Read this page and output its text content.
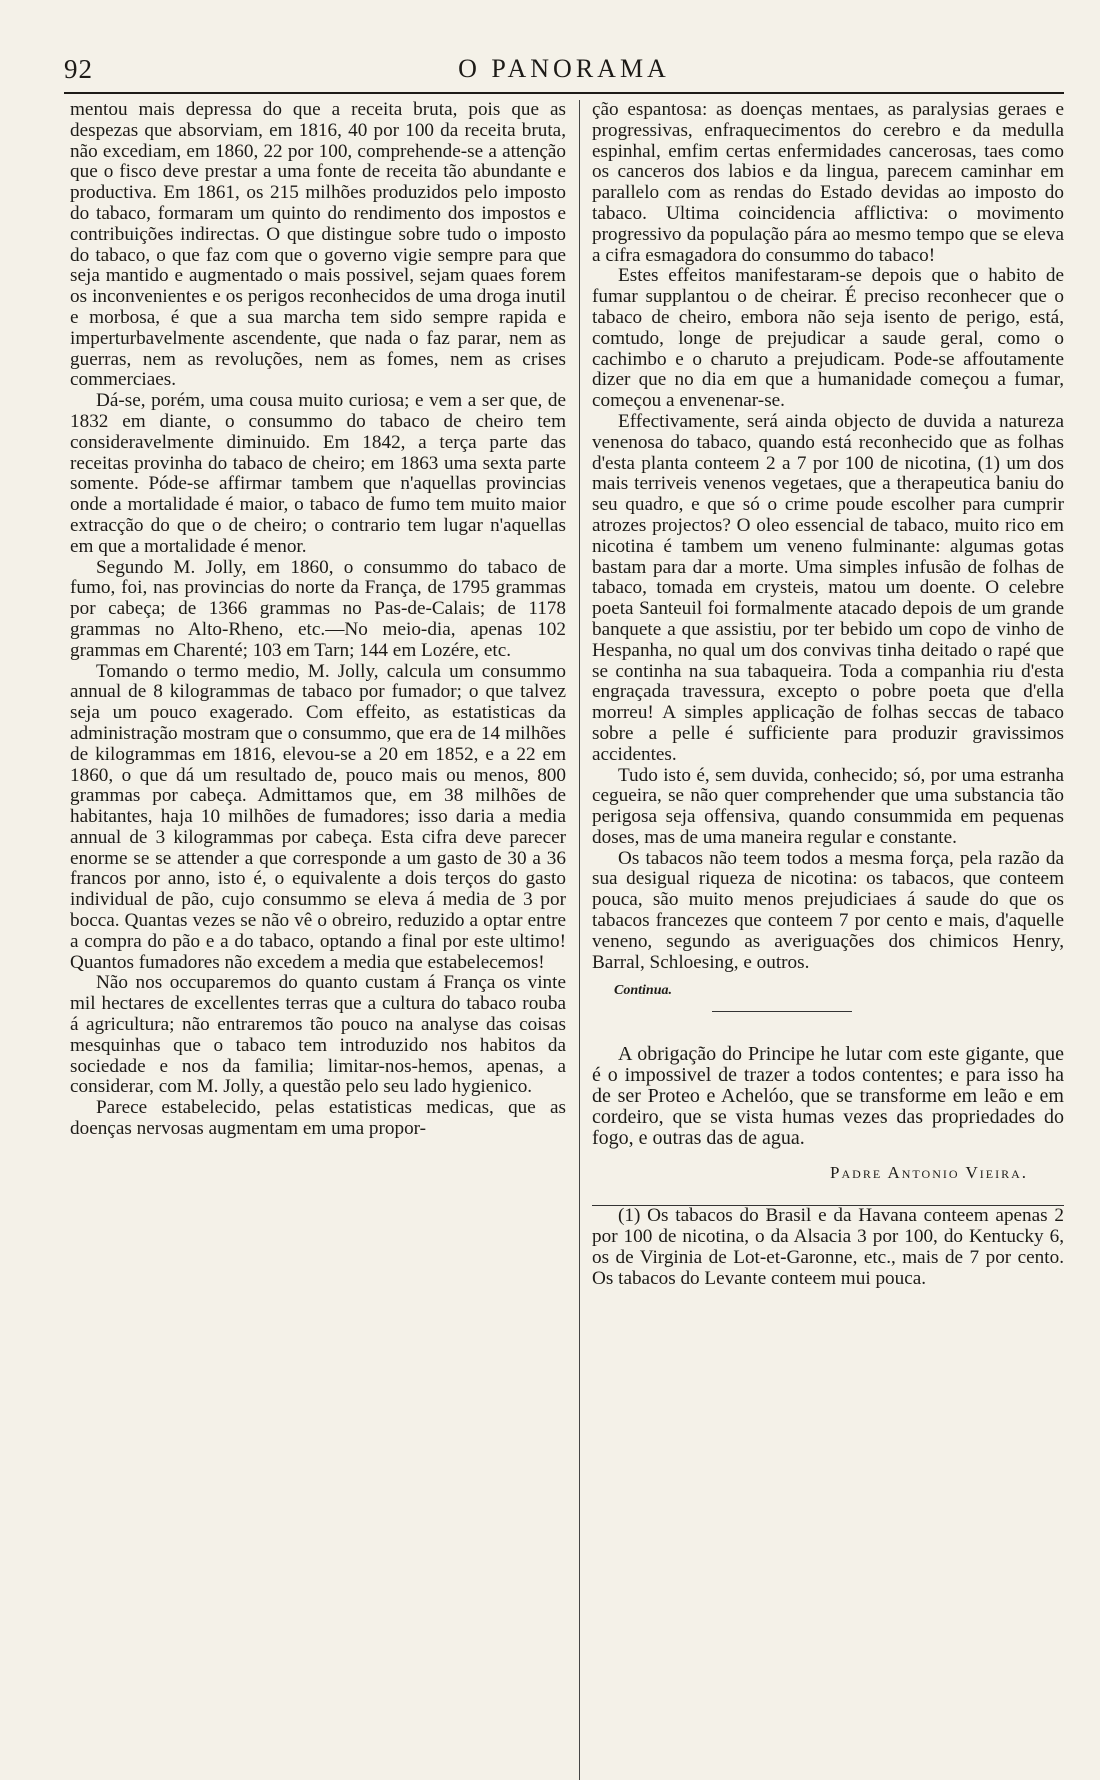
92	O PANORAMA

mentou mais depressa do que a receita bruta, pois que as despezas que absorviam, em 1816, 40 por 100 da receita bruta, não excediam, em 1860, 22 por 100, comprehende-se a attenção que o fisco deve prestar a uma fonte de receita tão abundante e productiva. Em 1861, os 215 milhões produzidos pelo imposto do tabaco, formaram um quinto do rendimento dos impostos e contribuições indirectas. O que distingue sobre tudo o imposto do tabaco, o que faz com que o governo vigie sempre para que seja mantido e augmentado o mais possivel, sejam quaes forem os inconvenientes e os perigos reconhecidos de uma droga inutil e morbosa, é que a sua marcha tem sido sempre rapida e imperturbavelmente ascendente, que nada o faz parar, nem as guerras, nem as revoluções, nem as fomes, nem as crises commerciaes.

Dá-se, porém, uma cousa muito curiosa; e vem a ser que, de 1832 em diante, o consummo do tabaco de cheiro tem consideravelmente diminuido. Em 1842, a terça parte das receitas provinha do tabaco de cheiro; em 1863 uma sexta parte somente. Póde-se affirmar tambem que n'aquellas provincias onde a mortalidade é maior, o tabaco de fumo tem muito maior extracção do que o de cheiro; o contrario tem lugar n'aquellas em que a mortalidade é menor.

Segundo M. Jolly, em 1860, o consummo do tabaco de fumo, foi, nas provincias do norte da França, de 1795 grammas por cabeça; de 1366 grammas no Pas-de-Calais; de 1178 grammas no Alto-Rheno, etc.—No meio-dia, apenas 102 grammas em Charenté; 103 em Tarn; 144 em Lozére, etc.

Tomando o termo medio, M. Jolly, calcula um consummo annual de 8 kilogrammas de tabaco por fumador; o que talvez seja um pouco exagerado. Com effeito, as estatisticas da administração mostram que o consummo, que era de 14 milhões de kilogrammas em 1816, elevou-se a 20 em 1852, e a 22 em 1860, o que dá um resultado de, pouco mais ou menos, 800 grammas por cabeça. Admittamos que, em 38 milhões de habitantes, haja 10 milhões de fumadores; isso daria a media annual de 3 kilogrammas por cabeça. Esta cifra deve parecer enorme se se attender a que corresponde a um gasto de 30 a 36 francos por anno, isto é, o equivalente a dois terços do gasto individual de pão, cujo consummo se eleva á media de 3 por bocca. Quantas vezes se não vê o obreiro, reduzido a optar entre a compra do pão e a do tabaco, optando a final por este ultimo! Quantos fumadores não excedem a media que estabelecemos!

Não nos occuparemos do quanto custam á França os vinte mil hectares de excellentes terras que a cultura do tabaco rouba á agricultura; não entraremos tão pouco na analyse das coisas mesquinhas que o tabaco tem introduzido nos habitos da sociedade e nos da familia; limitar-nos-hemos, apenas, a considerar, com M. Jolly, a questão pelo seu lado hygienico.

Parece estabelecido, pelas estatisticas medicas, que as doenças nervosas augmentam em uma propor-

ção espantosa: as doenças mentaes, as paralysias geraes e progressivas, enfraquecimentos do cerebro e da medulla espinhal, emfim certas enfermidades cancerosas, taes como os canceros dos labios e da lingua, parecem caminhar em parallelo com as rendas do Estado devidas ao imposto do tabaco. Ultima coincidencia afflictiva: o movimento progressivo da população pára ao mesmo tempo que se eleva a cifra esmagadora do consummo do tabaco!

Estes effeitos manifestaram-se depois que o habito de fumar supplantou o de cheirar. É preciso reconhecer que o tabaco de cheiro, embora não seja isento de perigo, está, comtudo, longe de prejudicar a saude geral, como o cachimbo e o charuto a prejudicam. Pode-se affoutamente dizer que no dia em que a humanidade começou a fumar, começou a envenenar-se.

Effectivamente, será ainda objecto de duvida a natureza venenosa do tabaco, quando está reconhecido que as folhas d'esta planta conteem 2 a 7 por 100 de nicotina, (1) um dos mais terriveis venenos vegetaes, que a therapeutica baniu do seu quadro, e que só o crime poude escolher para cumprir atrozes projectos? O oleo essencial de tabaco, muito rico em nicotina é tambem um veneno fulminante: algumas gotas bastam para dar a morte. Uma simples infusão de folhas de tabaco, tomada em crysteis, matou um doente. O celebre poeta Santeuil foi formalmente atacado depois de um grande banquete a que assistiu, por ter bebido um copo de vinho de Hespanha, no qual um dos convivas tinha deitado o rapé que se continha na sua tabaqueira. Toda a companhia riu d'esta engraçada travessura, excepto o pobre poeta que d'ella morreu! A simples applicação de folhas seccas de tabaco sobre a pelle é sufficiente para produzir gravissimos accidentes.

Tudo isto é, sem duvida, conhecido; só, por uma estranha cegueira, se não quer comprehender que uma substancia tão perigosa seja offensiva, quando consummida em pequenas doses, mas de uma maneira regular e constante.

Os tabacos não teem todos a mesma força, pela razão da sua desigual riqueza de nicotina: os tabacos, que conteem pouca, são muito menos prejudiciaes á saude do que os tabacos francezes que conteem 7 por cento e mais, d'aquelle veneno, segundo as averiguações dos chimicos Henry, Barral, Schloesing, e outros.

Continua.

A obrigação do Principe he lutar com este gigante, que é o impossivel de trazer a todos contentes; e para isso ha de ser Proteo e Achelóo, que se transforme em leão e em cordeiro, que se vista humas vezes das propriedades do fogo, e outras das de agua.

Padre Antonio Vieira.

(1) Os tabacos do Brasil e da Havana conteem apenas 2 por 100 de nicotina, o da Alsacia 3 por 100, do Kentucky 6, os de Virginia de Lot-et-Garonne, etc., mais de 7 por cento. Os tabacos do Levante conteem mui pouca.
